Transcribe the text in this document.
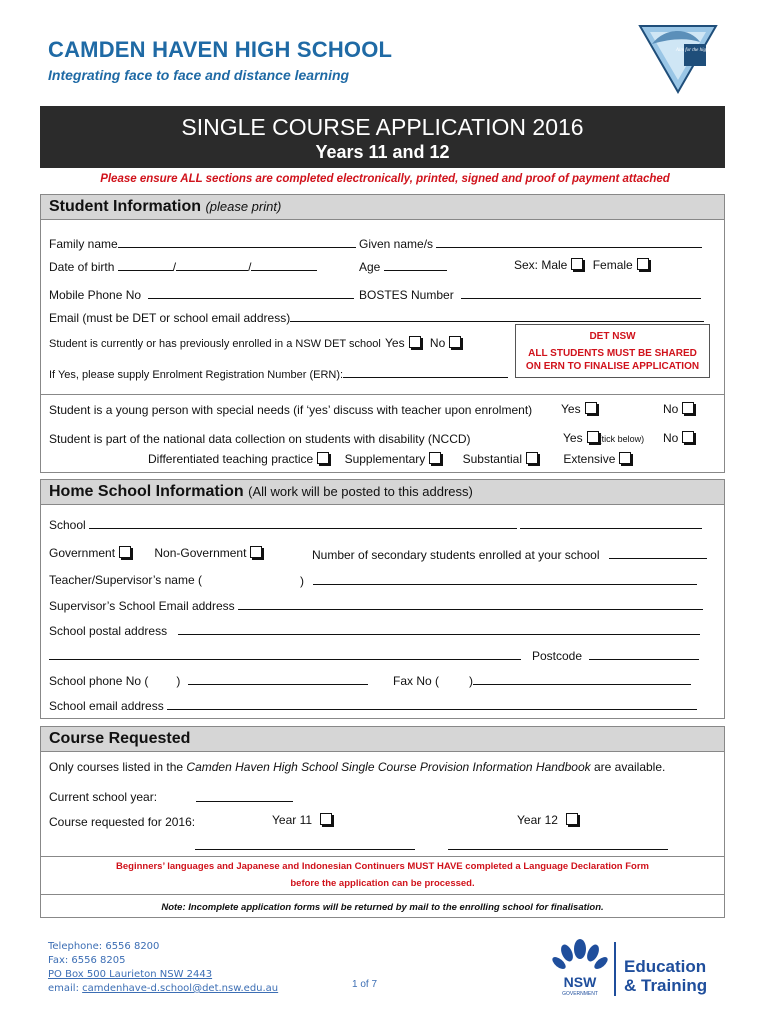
CAMDEN HAVEN HIGH SCHOOL
Integrating face to face and distance learning
Aim for the highest
SINGLE COURSE APPLICATION 2016
Years 11 and 12
Please ensure ALL sections are completed electronically, printed, signed and proof of payment attached
Student Information (please print)
Family name	Given name/s
Date of birth	/	/	Age	Sex: Male Female
Mobile Phone No	BOSTES Number
Email (must be DET or school email address)
Student is currently or has previously enrolled in a NSW DET school Yes No
If Yes, please supply Enrolment Registration Number (ERN):
DET NSW
ALL STUDENTS MUST BE SHARED
ON ERN TO FINALISE APPLICATION
Student is a young person with special needs (if ‘yes’ discuss with teacher upon enrolment) Yes	No
Student is part of the national data collection on students with disability (NCCD)	Yes (tick below) No
Differentiated teaching practice	Supplementary	Substantial	Extensive
Home School Information (All work will be posted to this address)
School
Government	Non-Government	Number of secondary students enrolled at your school
Teacher/Supervisor’s name (	)
Supervisor’s School Email address
School postal address
Postcode
School phone No ( )	Fax No (	)
School email address
Course Requested
Only courses listed in the Camden Haven High School Single Course Provision Information Handbook are available.
Current school year:
Course requested for 2016:	Year 11	Year 12
Beginners’ languages and Japanese and Indonesian Continuers MUST HAVE completed a Language Declaration Form
before the application can be processed.
Note: Incomplete application forms will be returned by mail to the enrolling school for finalisation.
Telephone: 6556 8200
Fax: 6556 8205
PO Box 500 Laurieton NSW 2443
email: camdenhave-d.school@det.nsw.edu.au	1 of 7	NSW
GOVERNMENT
Education
& Training
